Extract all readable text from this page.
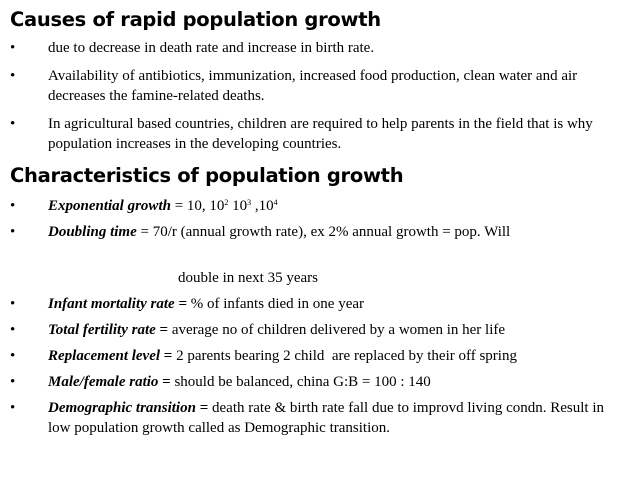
Causes of rapid population growth
•	due to decrease in death rate and increase in birth rate.
•	Availability of antibiotics, immunization, increased food production, clean water and air decreases the famine-related deaths.
•	In agricultural based countries, children are required to help parents in the field that is why population increases in the developing countries.
Characteristics of population growth
•	Exponential growth = 10, $10^2$ $10^3$ $,10^4$
•	Doubling time = 70/r (annual growth rate), ex 2% annual growth = pop. Will
double in next 35 years
•	Infant mortality rate = % of infants died in one year
•	Total fertility rate = average no of children delivered by a women in her life
•	Replacement level = 2 parents bearing 2 child  are replaced by their off spring
•	Male/female ratio = should be balanced, china G:B = 100 : 140
•	Demographic transition = death rate & birth rate fall due to improvd living condn. Result in low population growth called as Demographic transition.
